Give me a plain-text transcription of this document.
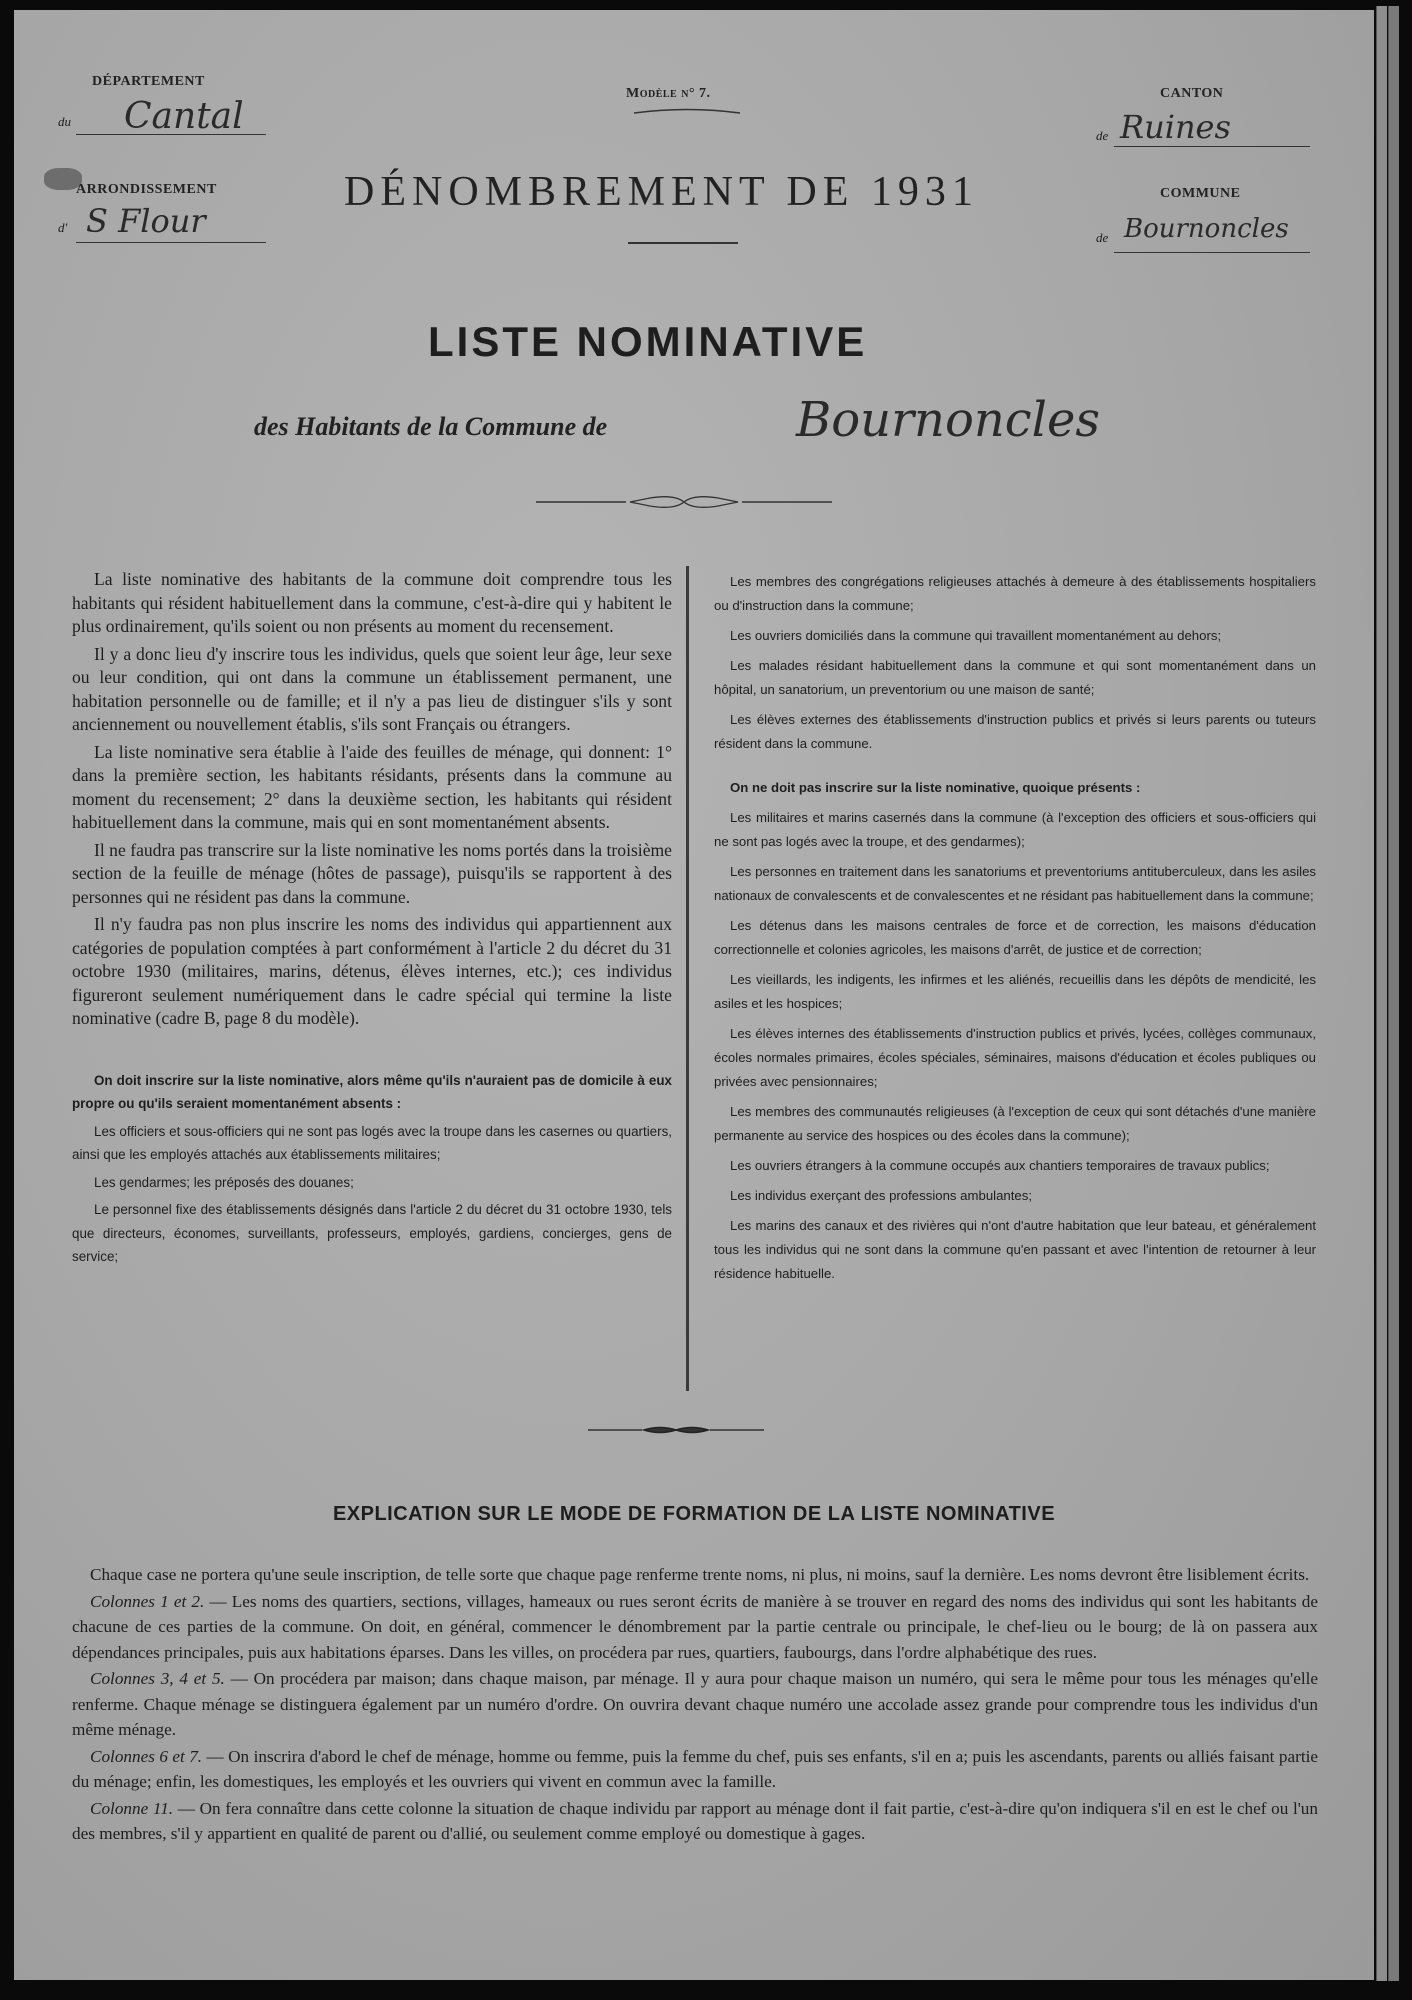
DÉPARTEMENT
du Cantal
ARRONDISSEMENT
d' S Flour
Modèle n° 7.	CANTON
de Ruines
COMMUNE
de Bournoncles
DÉNOMBREMENT DE 1931
LISTE NOMINATIVE
des Habitants de la Commune de	Bournoncles

La liste nominative des habitants de la commune doit comprendre tous les habitants qui résident habituellement dans la commune, c'est-à-dire qui y habitent le plus ordinairement, qu'ils soient ou non présents au moment du recensement.

Il y a donc lieu d'y inscrire tous les individus, quels que soient leur âge, leur sexe ou leur condition, qui ont dans la commune un établissement permanent, une habitation personnelle ou de famille; et il n'y a pas lieu de distinguer s'ils y sont anciennement ou nouvellement établis, s'ils sont Français ou étrangers.

La liste nominative sera établie à l'aide des feuilles de ménage, qui donnent: 1° dans la première section, les habitants résidants, présents dans la commune au moment du recensement; 2° dans la deuxième section, les habitants qui résident habituellement dans la commune, mais qui en sont momentanément absents.

Il ne faudra pas transcrire sur la liste nominative les noms portés dans la troisième section de la feuille de ménage (hôtes de passage), puisqu'ils se rapportent à des personnes qui ne résident pas dans la commune.

Il n'y faudra pas non plus inscrire les noms des individus qui appartiennent aux catégories de population comptées à part conformément à l'article 2 du décret du 31 octobre 1930 (militaires, marins, détenus, élèves internes, etc.); ces individus figureront seulement numériquement dans le cadre spécial qui termine la liste nominative (cadre B, page 8 du modèle).

On doit inscrire sur la liste nominative, alors même qu'ils n'auraient pas de domicile à eux propre ou qu'ils seraient momentanément absents :

Les officiers et sous-officiers qui ne sont pas logés avec la troupe dans les casernes ou quartiers, ainsi que les employés attachés aux établissements militaires;

Les gendarmes; les préposés des douanes;

Le personnel fixe des établissements désignés dans l'article 2 du décret du 31 octobre 1930, tels que directeurs, économes, surveillants, professeurs, employés, gardiens, concierges, gens de service;

Les membres des congrégations religieuses attachés à demeure à des établissements hospitaliers ou d'instruction dans la commune;

Les ouvriers domiciliés dans la commune qui travaillent momentanément au dehors;

Les malades résidant habituellement dans la commune et qui sont momentanément dans un hôpital, un sanatorium, un preventorium ou une maison de santé;

Les élèves externes des établissements d'instruction publics et privés si leurs parents ou tuteurs résident dans la commune.

On ne doit pas inscrire sur la liste nominative, quoique présents :

Les militaires et marins casernés dans la commune (à l'exception des officiers et sous-officiers qui ne sont pas logés avec la troupe, et des gendarmes);

Les personnes en traitement dans les sanatoriums et preventoriums antituberculeux, dans les asiles nationaux de convalescents et de convalescentes et ne résidant pas habituellement dans la commune;

Les détenus dans les maisons centrales de force et de correction, les maisons d'éducation correctionnelle et colonies agricoles, les maisons d'arrêt, de justice et de correction;

Les vieillards, les indigents, les infirmes et les aliénés, recueillis dans les dépôts de mendicité, les asiles et les hospices;

Les élèves internes des établissements d'instruction publics et privés, lycées, collèges communaux, écoles normales primaires, écoles spéciales, séminaires, maisons d'éducation et écoles publiques ou privées avec pensionnaires;

Les membres des communautés religieuses (à l'exception de ceux qui sont détachés d'une manière permanente au service des hospices ou des écoles dans la commune);

Les ouvriers étrangers à la commune occupés aux chantiers temporaires de travaux publics;

Les individus exerçant des professions ambulantes;

Les marins des canaux et des rivières qui n'ont d'autre habitation que leur bateau, et généralement tous les individus qui ne sont dans la commune qu'en passant et avec l'intention de retourner à leur résidence habituelle.

EXPLICATION SUR LE MODE DE FORMATION DE LA LISTE NOMINATIVE

Chaque case ne portera qu'une seule inscription, de telle sorte que chaque page renferme trente noms, ni plus, ni moins, sauf la dernière. Les noms devront être lisiblement écrits.

Colonnes 1 et 2. — Les noms des quartiers, sections, villages, hameaux ou rues seront écrits de manière à se trouver en regard des noms des individus qui sont les habitants de chacune de ces parties de la commune. On doit, en général, commencer le dénombrement par la partie centrale ou principale, le chef-lieu ou le bourg; de là on passera aux dépendances principales, puis aux habitations éparses. Dans les villes, on procédera par rues, quartiers, faubourgs, dans l'ordre alphabétique des rues.

Colonnes 3, 4 et 5. — On procédera par maison; dans chaque maison, par ménage. Il y aura pour chaque maison un numéro, qui sera le même pour tous les ménages qu'elle renferme. Chaque ménage se distinguera également par un numéro d'ordre. On ouvrira devant chaque numéro une accolade assez grande pour comprendre tous les individus d'un même ménage.

Colonnes 6 et 7. — On inscrira d'abord le chef de ménage, homme ou femme, puis la femme du chef, puis ses enfants, s'il en a; puis les ascendants, parents ou alliés faisant partie du ménage; enfin, les domestiques, les employés et les ouvriers qui vivent en commun avec la famille.

Colonne 11. — On fera connaître dans cette colonne la situation de chaque individu par rapport au ménage dont il fait partie, c'est-à-dire qu'on indiquera s'il en est le chef ou l'un des membres, s'il y appartient en qualité de parent ou d'allié, ou seulement comme employé ou domestique à gages.
